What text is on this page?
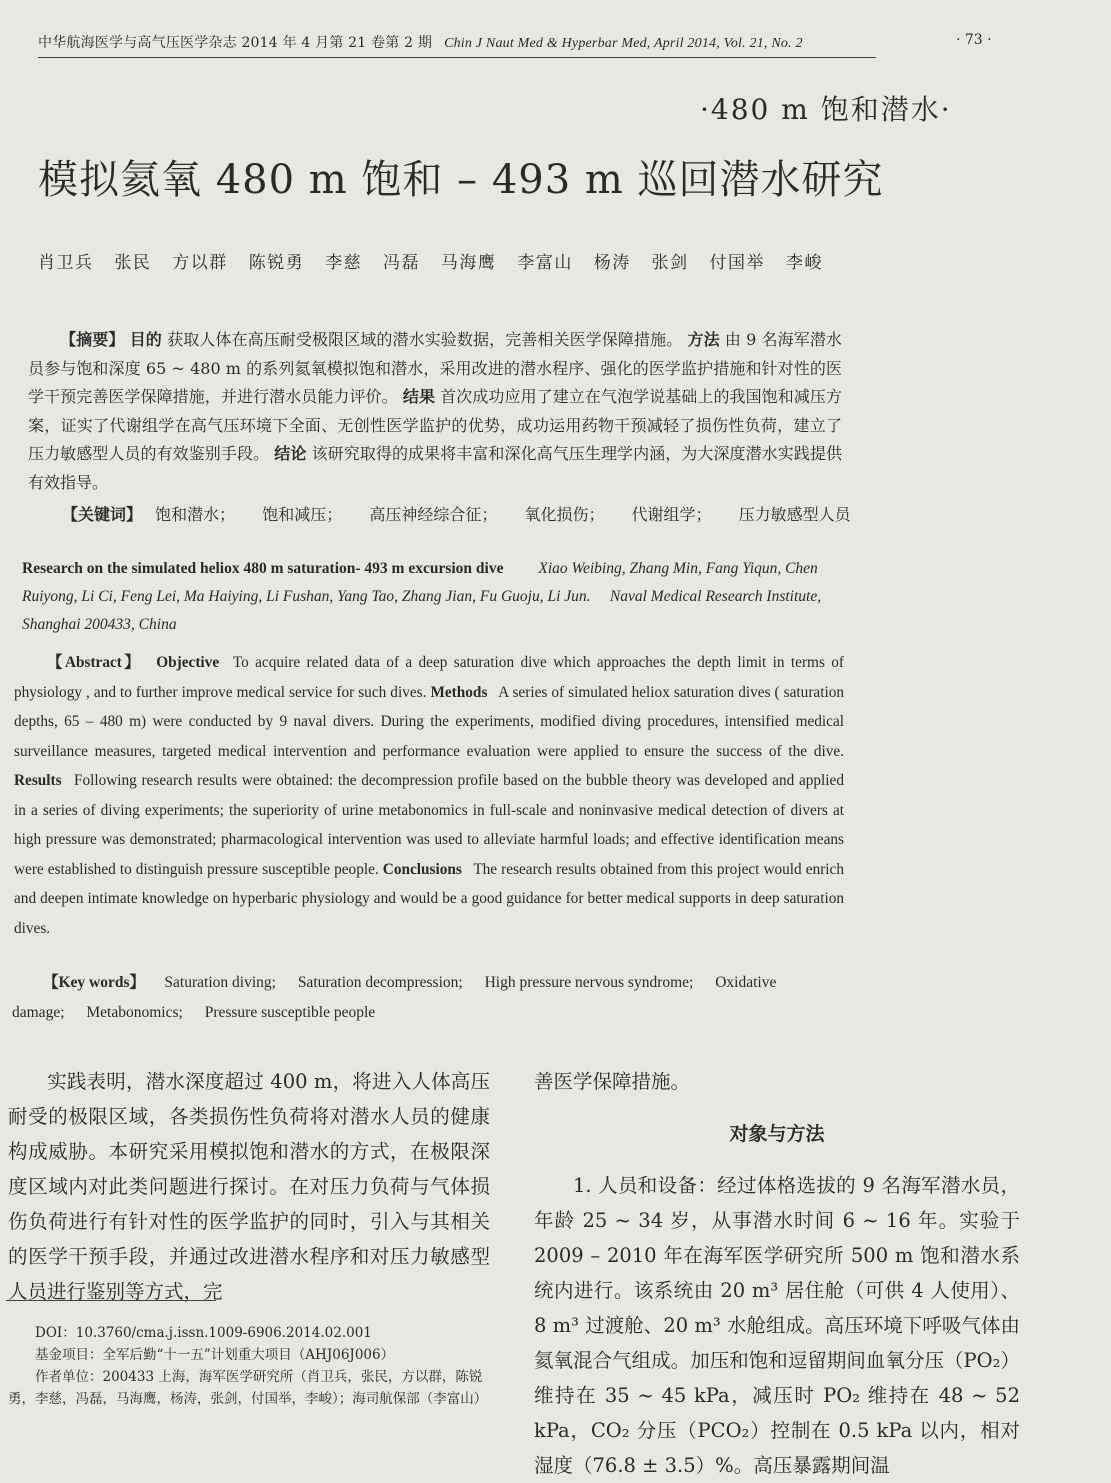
中华航海医学与高气压医学杂志 2014 年 4 月第 21 卷第 2 期 Chin J Naut Med & Hyperbar Med, April 2014, Vol. 21, No. 2	· 73 ·
·480 m 饱和潜水·
模拟氦氧 480 m 饱和 – 493 m 巡回潜水研究
肖卫兵 张民 方以群 陈锐勇 李慈 冯磊 马海鹰 李富山 杨涛 张剑 付国举 李峻

  【摘要】 目的 获取人体在高压耐受极限区域的潜水实验数据，完善相关医学保障措施。 方法 由 9 名海军潜水员参与饱和深度 65 ~ 480 m 的系列氦氧模拟饱和潜水，采用改进的潜水程序、强化的医学监护措施和针对性的医学干预完善医学保障措施，并进行潜水员能力评价。 结果 首次成功应用了建立在气泡学说基础上的我国饱和减压方案，证实了代谢组学在高气压环境下全面、无创性医学监护的优势，成功运用药物干预减轻了损伤性负荷，建立了压力敏感型人员的有效鉴别手段。 结论 该研究取得的成果将丰富和深化高气压生理学内涵，为大深度潜水实践提供有效指导。

【关键词】  饱和潜水； 饱和减压； 高压神经综合征； 氧化损伤； 代谢组学； 压力敏感型人员

Research on the simulated heliox 480 m saturation- 493 m excursion dive   Xiao Weibing, Zhang Min, Fang Yiqun, Chen Ruiyong, Li Ci, Feng Lei, Ma Haiying, Li Fushan, Yang Tao, Zhang Jian, Fu Guoju, Li Jun.  Naval Medical Research Institute, Shanghai 200433, China

  【Abstract】  Objective  To acquire related data of a deep saturation dive which approaches the depth limit in terms of physiology , and to further improve medical service for such dives. Methods  A series of simulated heliox saturation dives ( saturation depths, 65 – 480 m) were conducted by 9 naval divers. During the experiments, modified diving procedures, intensified medical surveillance measures, targeted medical intervention and performance evaluation were applied to ensure the success of the dive. Results  Following research results were obtained: the decompression profile based on the bubble theory was developed and applied in a series of diving experiments; the superiority of urine metabonomics in full-scale and noninvasive medical detection of divers at high pressure was demonstrated; pharmacological intervention was used to alleviate harmful loads; and effective identification means were established to distinguish pressure susceptible people. Conclusions  The research results obtained from this project would enrich and deepen intimate knowledge on hyperbaric physiology and would be a good guidance for better medical supports in deep saturation dives.

  【Key words】  Saturation diving; Saturation decompression; High pressure nervous syndrome; Oxidative damage; Metabonomics; Pressure susceptible people

  实践表明，潜水深度超过 400 m，将进入人体高压耐受的极限区域，各类损伤性负荷将对潜水人员的健康构成威胁。本研究采用模拟饱和潜水的方式，在极限深度区域内对此类问题进行探讨。在对压力负荷与气体损伤负荷进行有针对性的医学监护的同时，引入与其相关的医学干预手段，并通过改进潜水程序和对压力敏感型人员进行鉴别等方式，完

善医学保障措施。

对象与方法

  1. 人员和设备：经过体格选拔的 9 名海军潜水员，年龄 25 ~ 34 岁，从事潜水时间 6 ~ 16 年。实验于 2009 – 2010 年在海军医学研究所 500 m 饱和潜水系统内进行。该系统由 20 m³ 居住舱（可供 4 人使用）、8 m³ 过渡舱、20 m³ 水舱组成。高压环境下呼吸气体由氦氧混合气组成。加压和饱和逗留期间血氧分压（PO₂）维持在 35 ~ 45 kPa，减压时 PO₂ 维持在 48 ~ 52 kPa，CO₂ 分压（PCO₂）控制在 0.5 kPa 以内，相对湿度（76.8 ± 3.5）%。高压暴露期间温

  DOI：10.3760/cma.j.issn.1009-6906.2014.02.001
  基金项目：全军后勤“十一五”计划重大项目（AHJ06J006）
  作者单位：200433 上海，海军医学研究所（肖卫兵，张民，方以群，陈锐勇，李慈，冯磊，马海鹰，杨涛，张剑，付国举，李峻）；海司航保部（李富山）
